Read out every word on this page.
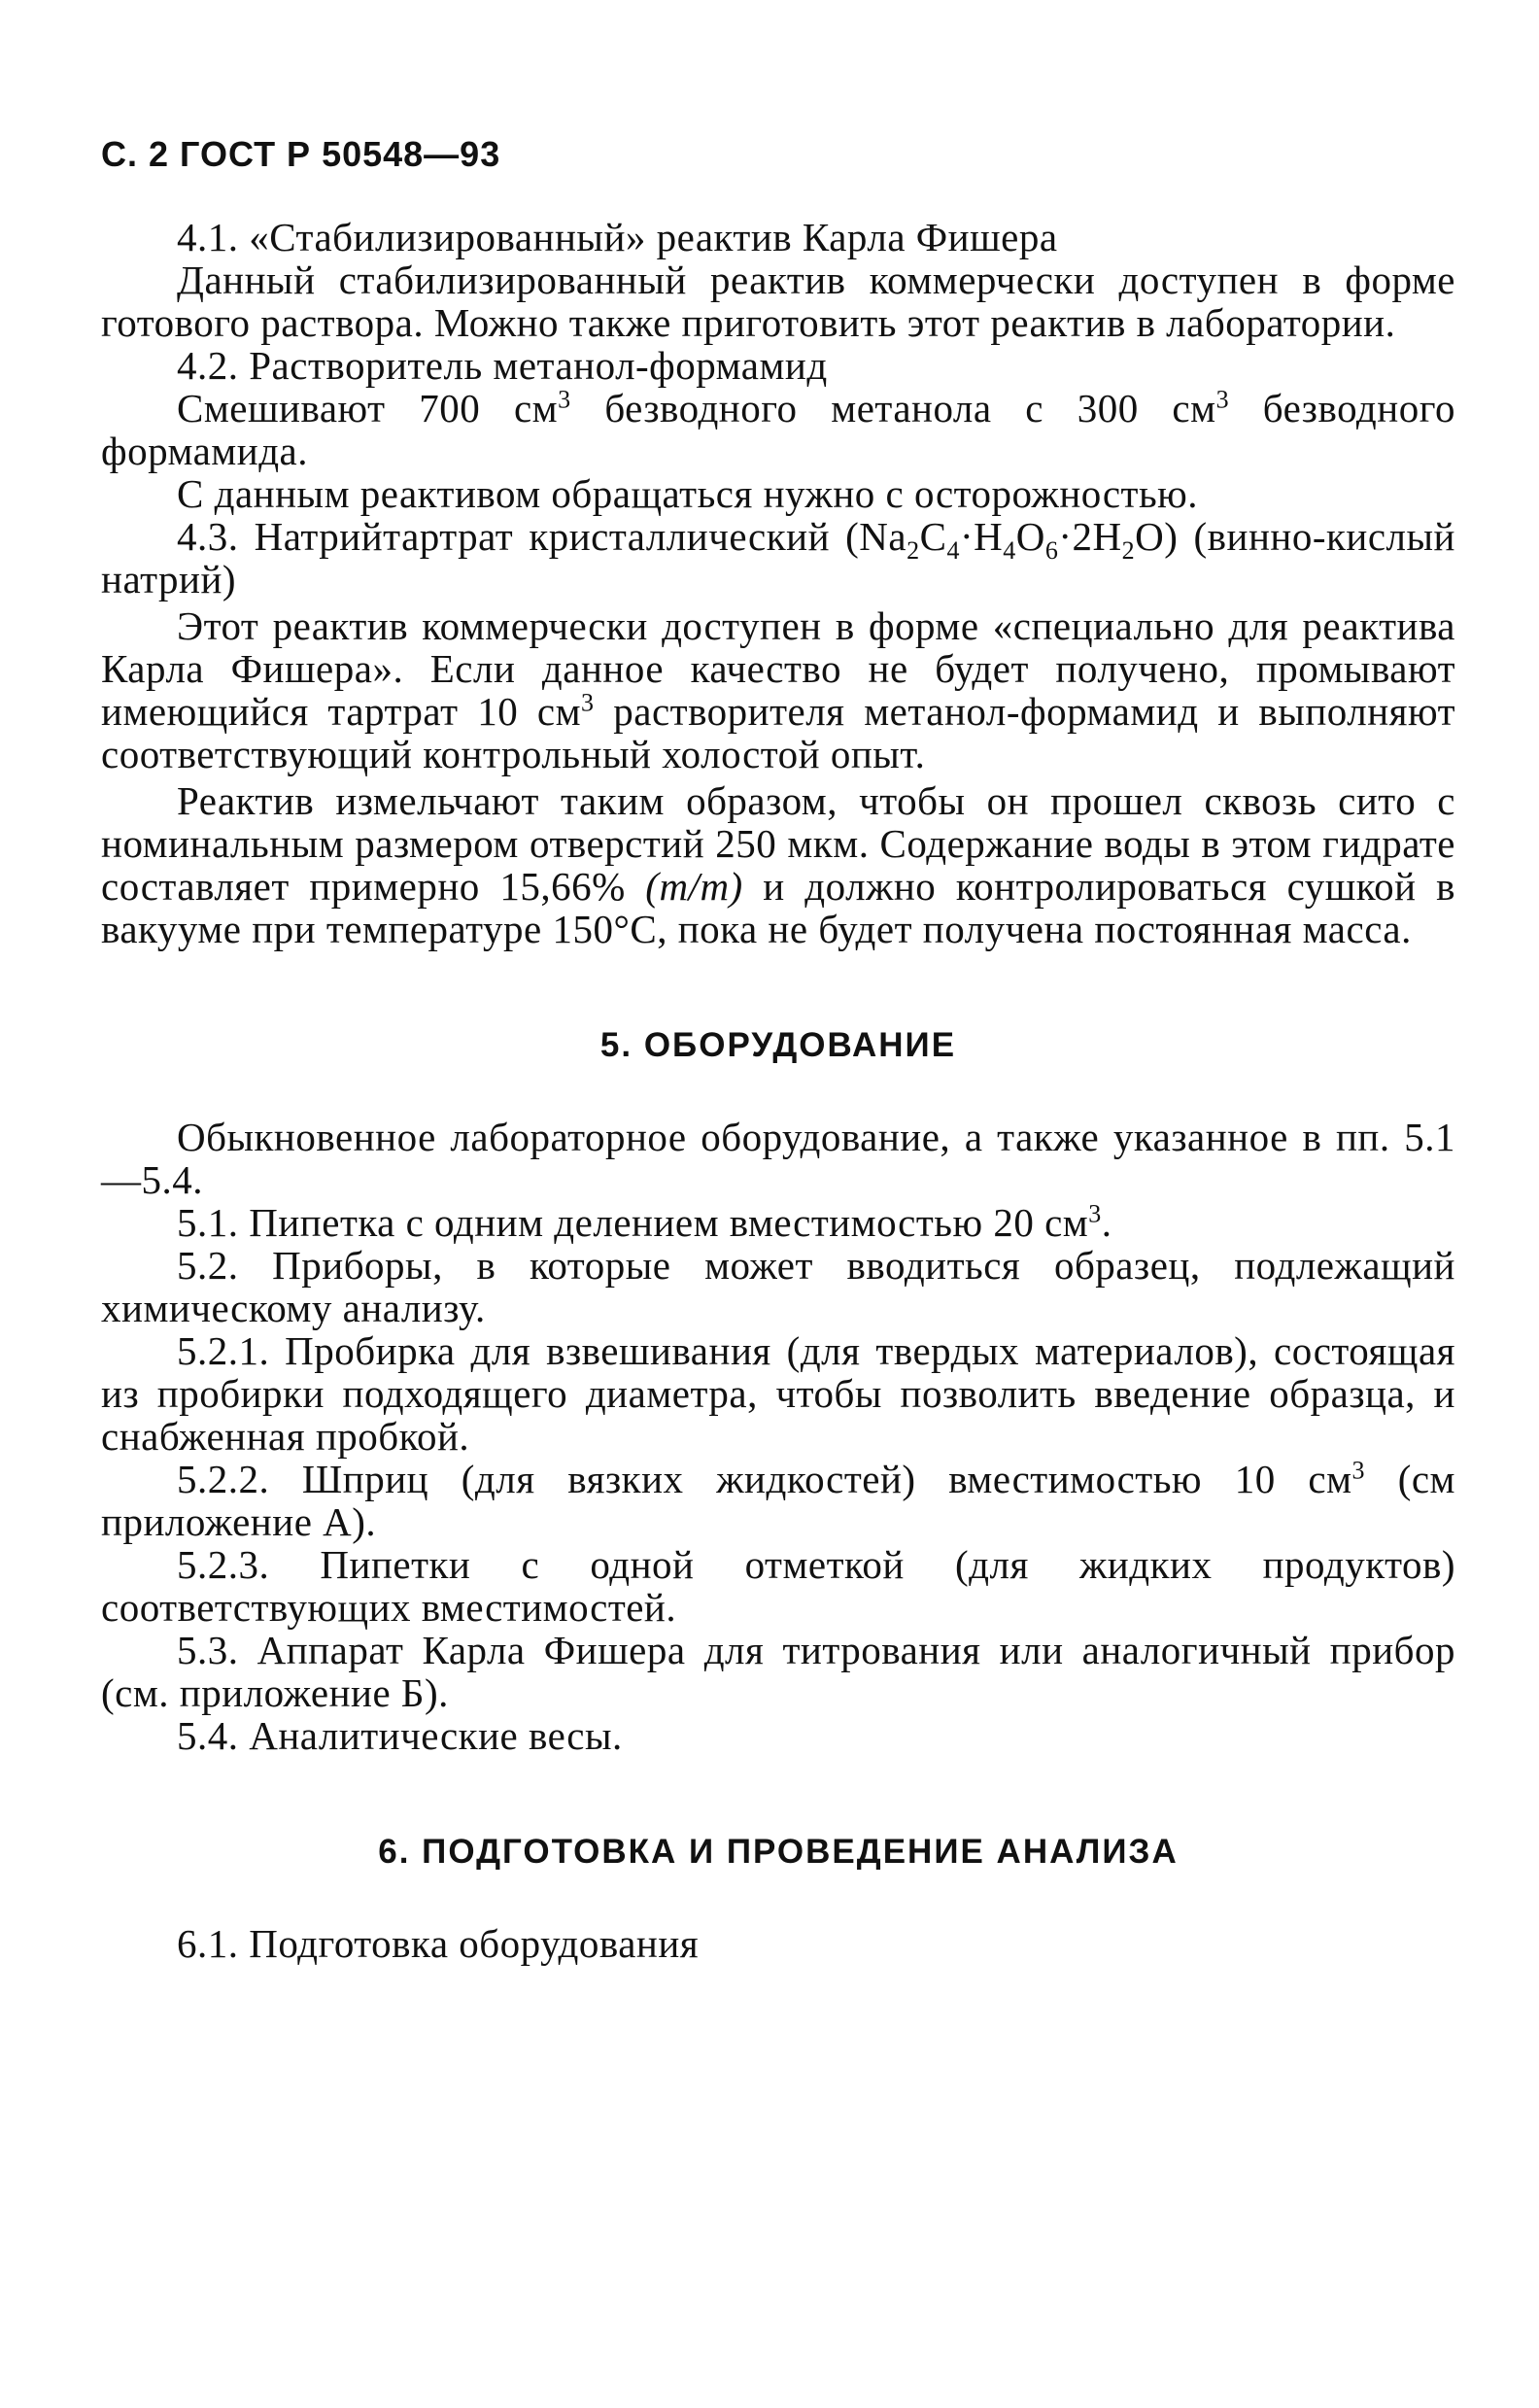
С. 2 ГОСТ Р 50548—93

4.1. «Стабилизированный» реактив Карла Фишера

Данный стабилизированный реактив коммерчески доступен в форме готового раствора. Можно также приготовить этот реактив в лаборатории.

4.2. Растворитель метанол-формамид

Смешивают 700 $см^3$ безводного метанола с 300 $см^3$ безводного формамида.

С данным реактивом обращаться нужно с осторожностью.

4.3. Натрийтартрат кристаллический $(Na_2C_4\cdot H_4O_6\cdot 2H_2O)$ (винно-кислый натрий)

Этот реактив коммерчески доступен в форме «специально для реактива Карла Фишера». Если данное качество не будет получено, промывают имеющийся тартрат 10 $см^3$ растворителя метанол-формамид и выполняют соответствующий контрольный холостой опыт.

Реактив измельчают таким образом, чтобы он прошел сквозь сито с номинальным размером отверстий 250 мкм. Содержание воды в этом гидрате составляет примерно 15,66% (m/m) и должно контролироваться сушкой в вакууме при температуре 150°С, пока не будет получена постоянная масса.

5. ОБОРУДОВАНИЕ

Обыкновенное лабораторное оборудование, а также указанное в пп. 5.1—5.4.

5.1. Пипетка с одним делением вместимостью 20 $см^3$.

5.2. Приборы, в которые может вводиться образец, подлежащий химическому анализу.

5.2.1. Пробирка для взвешивания (для твердых материалов), состоящая из пробирки подходящего диаметра, чтобы позволить введение образца, и снабженная пробкой.

5.2.2. Шприц (для вязких жидкостей) вместимостью 10 $см^3$ (см приложение А).

5.2.3. Пипетки с одной отметкой (для жидких продуктов) соответствующих вместимостей.

5.3. Аппарат Карла Фишера для титрования или аналогичный прибор (см. приложение Б).

5.4. Аналитические весы.

6. ПОДГОТОВКА И ПРОВЕДЕНИЕ АНАЛИЗА

6.1. Подготовка оборудования
